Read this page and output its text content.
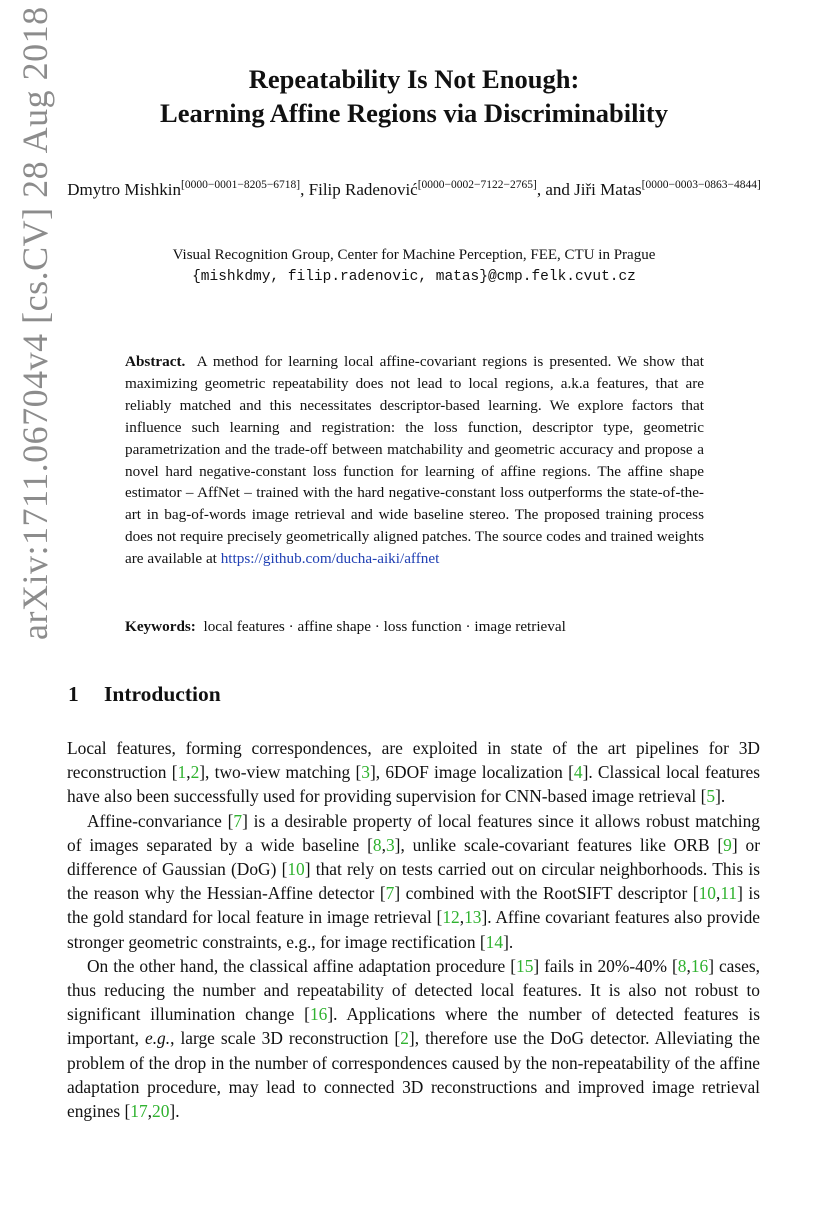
arXiv:1711.06704v4 [cs.CV] 28 Aug 2018	Repeatability Is Not Enough:
Learning Affine Regions via Discriminability
Dmytro Mishkin[0000−0001−8205−6718], Filip Radenović[0000−0002−7122−2765], and Jiři Matas[0000−0003−0863−4844]
Visual Recognition Group, Center for Machine Perception, FEE, CTU in Prague
{mishkdmy, filip.radenovic, matas}@cmp.felk.cvut.cz
Abstract. A method for learning local affine-covariant regions is presented. We show that maximizing geometric repeatability does not lead to local regions, a.k.a features, that are reliably matched and this necessitates descriptor-based learning. We explore factors that influence such learning and registration: the loss function, descriptor type, geometric parametrization and the trade-off between matchability and geometric accuracy and propose a novel hard negative-constant loss function for learning of affine regions. The affine shape estimator – AffNet – trained with the hard negative-constant loss outperforms the state-of-the-art in bag-of-words image retrieval and wide baseline stereo. The proposed training process does not require precisely geometrically aligned patches. The source codes and trained weights are available at https://github.com/ducha-aiki/affnet
Keywords: local features · affine shape · loss function · image retrieval
1 Introduction

Local features, forming correspondences, are exploited in state of the art pipelines for 3D reconstruction [1,2], two-view matching [3], 6DOF image localization [4]. Classical local features have also been successfully used for providing supervision for CNN-based image retrieval [5].

Affine-convariance [7] is a desirable property of local features since it allows robust matching of images separated by a wide baseline [8,3], unlike scale-covariant features like ORB [9] or difference of Gaussian (DoG) [10] that rely on tests carried out on circular neighborhoods. This is the reason why the Hessian-Affine detector [7] combined with the RootSIFT descriptor [10,11] is the gold standard for local feature in image retrieval [12,13]. Affine covariant features also provide stronger geometric constraints, e.g., for image rectification [14].

On the other hand, the classical affine adaptation procedure [15] fails in 20%-40% [8,16] cases, thus reducing the number and repeatability of detected local features. It is also not robust to significant illumination change [16]. Applications where the number of detected features is important, e.g., large scale 3D reconstruction [2], therefore use the DoG detector. Alleviating the problem of the drop in the number of correspondences caused by the non-repeatability of the affine adaptation procedure, may lead to connected 3D reconstructions and improved image retrieval engines [17,20].
